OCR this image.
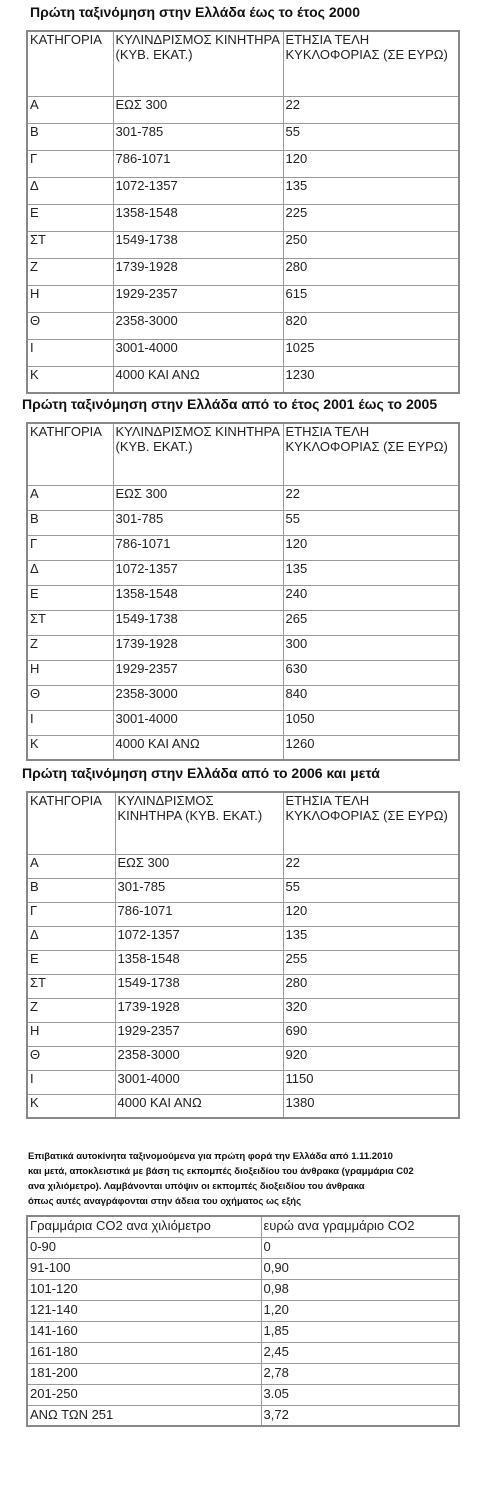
Πρώτη ταξινόμηση στην Ελλάδα έως το έτος 2000
ΚΑΤΗΓΟΡΙΑ	ΚΥΛΙΝΔΡΙΣΜΟΣ ΚΙΝΗΤΗΡΑ (ΚΥΒ. ΕΚΑΤ.)	ΕΤΗΣΙΑ ΤΕΛΗ ΚΥΚΛΟΦΟΡΙΑΣ (ΣΕ ΕΥΡΩ)
Α	ΕΩΣ 300	22
Β	301-785	55
Γ	786-1071	120
Δ	1072-1357	135
Ε	1358-1548	225
ΣΤ	1549-1738	250
Ζ	1739-1928	280
Η	1929-2357	615
Θ	2358-3000	820
Ι	3001-4000	1025
Κ	4000 ΚΑΙ ΑΝΩ	1230
Πρώτη ταξινόμηση στην Ελλάδα από το έτος 2001 έως το 2005
ΚΑΤΗΓΟΡΙΑ	ΚΥΛΙΝΔΡΙΣΜΟΣ ΚΙΝΗΤΗΡΑ (ΚΥΒ. ΕΚΑΤ.)	ΕΤΗΣΙΑ ΤΕΛΗ ΚΥΚΛΟΦΟΡΙΑΣ (ΣΕ ΕΥΡΩ)
Α	ΕΩΣ 300	22
Β	301-785	55
Γ	786-1071	120
Δ	1072-1357	135
Ε	1358-1548	240
ΣΤ	1549-1738	265
Ζ	1739-1928	300
Η	1929-2357	630
Θ	2358-3000	840
Ι	3001-4000	1050
Κ	4000 ΚΑΙ ΑΝΩ	1260
Πρώτη ταξινόμηση στην Ελλάδα από το 2006 και μετά
ΚΑΤΗΓΟΡΙΑ	ΚΥΛΙΝΔΡΙΣΜΟΣ ΚΙΝΗΤΗΡΑ (ΚΥΒ. ΕΚΑΤ.)	ΕΤΗΣΙΑ ΤΕΛΗ ΚΥΚΛΟΦΟΡΙΑΣ (ΣΕ ΕΥΡΩ)
Α	ΕΩΣ 300	22
Β	301-785	55
Γ	786-1071	120
Δ	1072-1357	135
Ε	1358-1548	255
ΣΤ	1549-1738	280
Ζ	1739-1928	320
Η	1929-2357	690
Θ	2358-3000	920
Ι	3001-4000	1150
Κ	4000 ΚΑΙ ΑΝΩ	1380
Επιβατικά αυτοκίνητα ταξινομούμενα για πρώτη φορά την Ελλάδα από 1.11.2010
και μετά, αποκλειστικά με βάση τις εκπομπές διοξειδίου του άνθρακα (γραμμάρια C02
ανα χιλιόμετρο). Λαμβάνονται υπόψιν οι εκπομπές διοξειδίου του άνθρακα
όπως αυτές αναγράφονται στην άδεια του οχήματος ως εξής
Γραμμάρια CO2 ανα χιλιόμετρο	ευρώ ανα γραμμάριο CO2
0-90	0
91-100	0,90
101-120	0,98
121-140	1,20
141-160	1,85
161-180	2,45
181-200	2,78
201-250	3.05
ΑΝΩ ΤΩΝ 251	3,72
